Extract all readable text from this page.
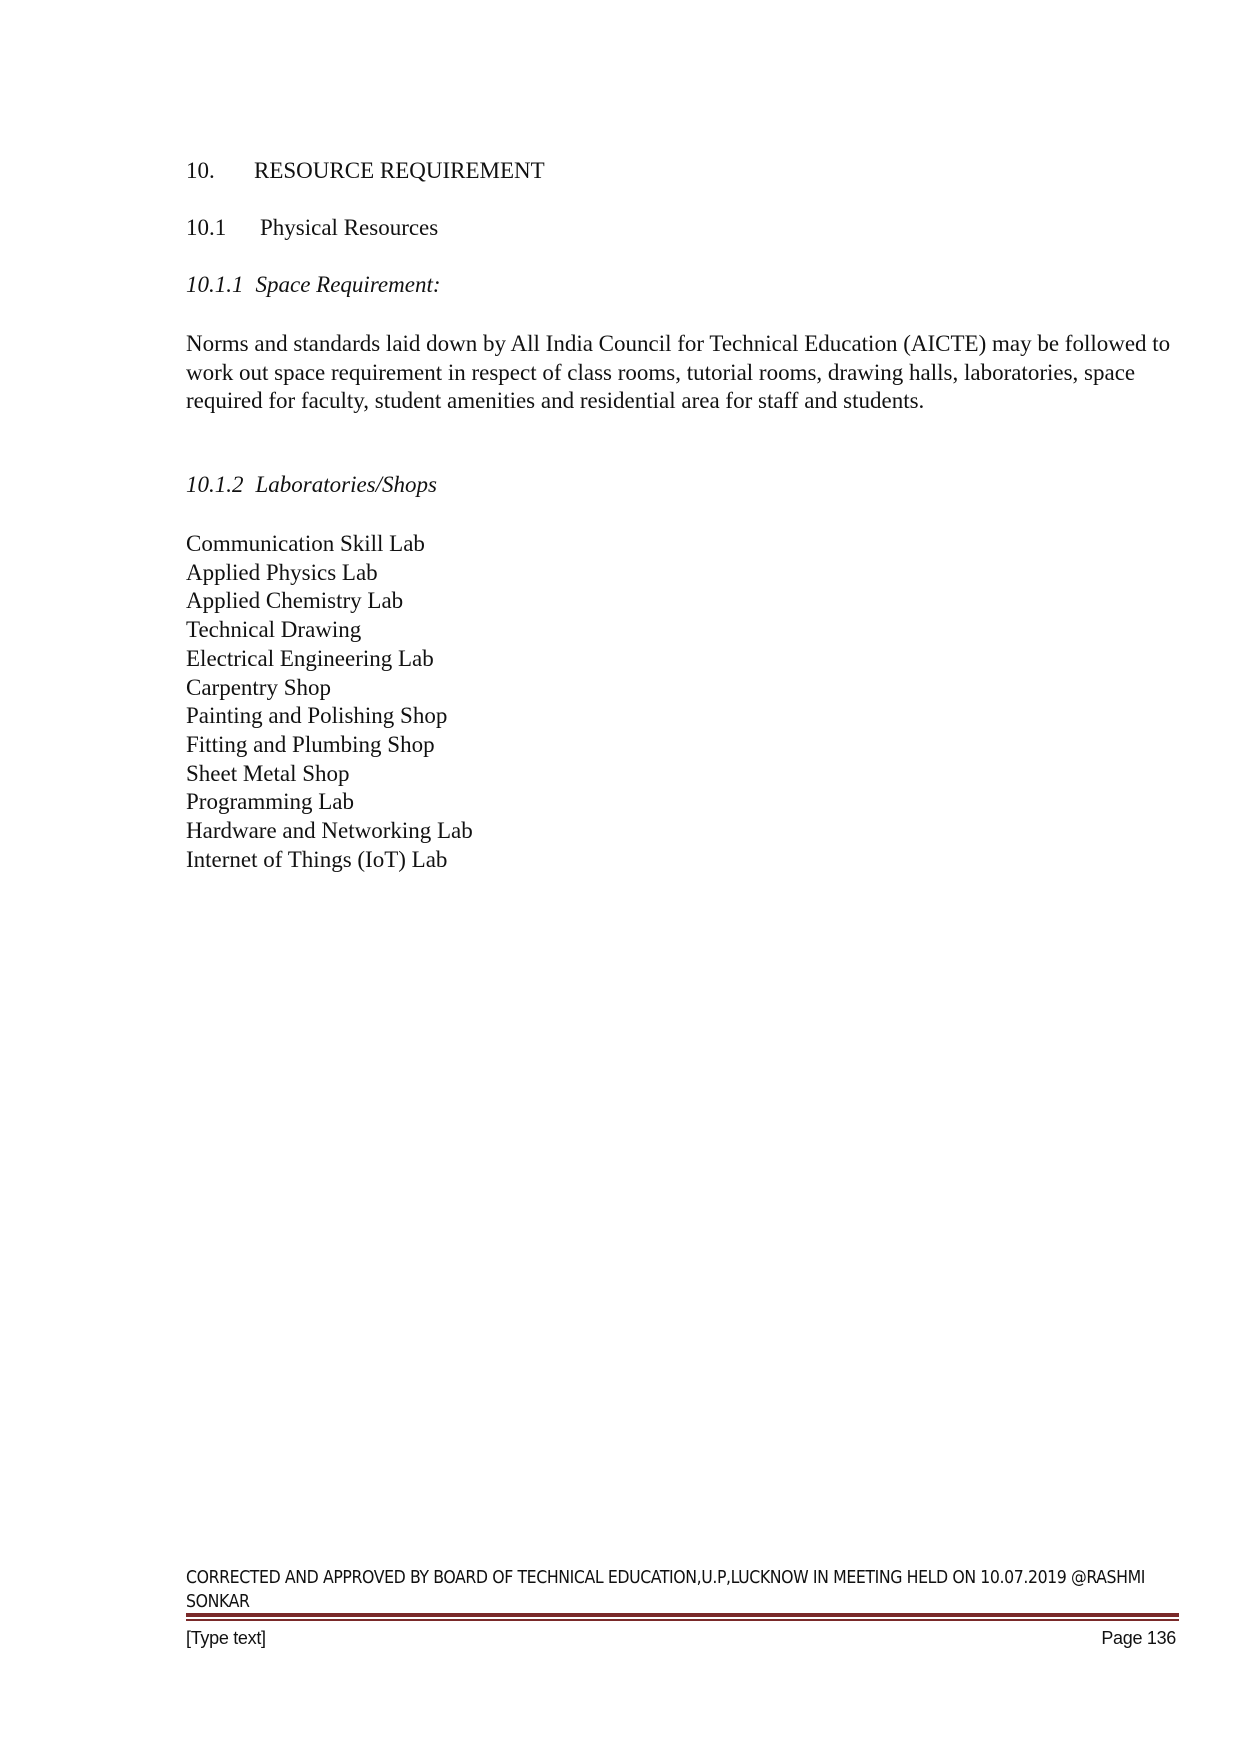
10. RESOURCE REQUIREMENT
10.1 Physical Resources
10.1.1 Space Requirement:

Norms and standards laid down by All India Council for Technical Education (AICTE) may be followed to work out space requirement in respect of class rooms, tutorial rooms, drawing halls, laboratories, space required for faculty, student amenities and residential area for staff and students.

10.1.2 Laboratories/Shops
Communication Skill Lab
Applied Physics Lab
Applied Chemistry Lab
Technical Drawing
Electrical Engineering Lab
Carpentry Shop
Painting and Polishing Shop
Fitting and Plumbing Shop
Sheet Metal Shop
Programming Lab
Hardware and Networking Lab
Internet of Things (IoT) Lab
CORRECTED AND APPROVED BY BOARD OF TECHNICAL EDUCATION,U.P,LUCKNOW IN MEETING HELD ON 10.07.2019 @RASHMI SONKAR
[Type text]	Page 136
